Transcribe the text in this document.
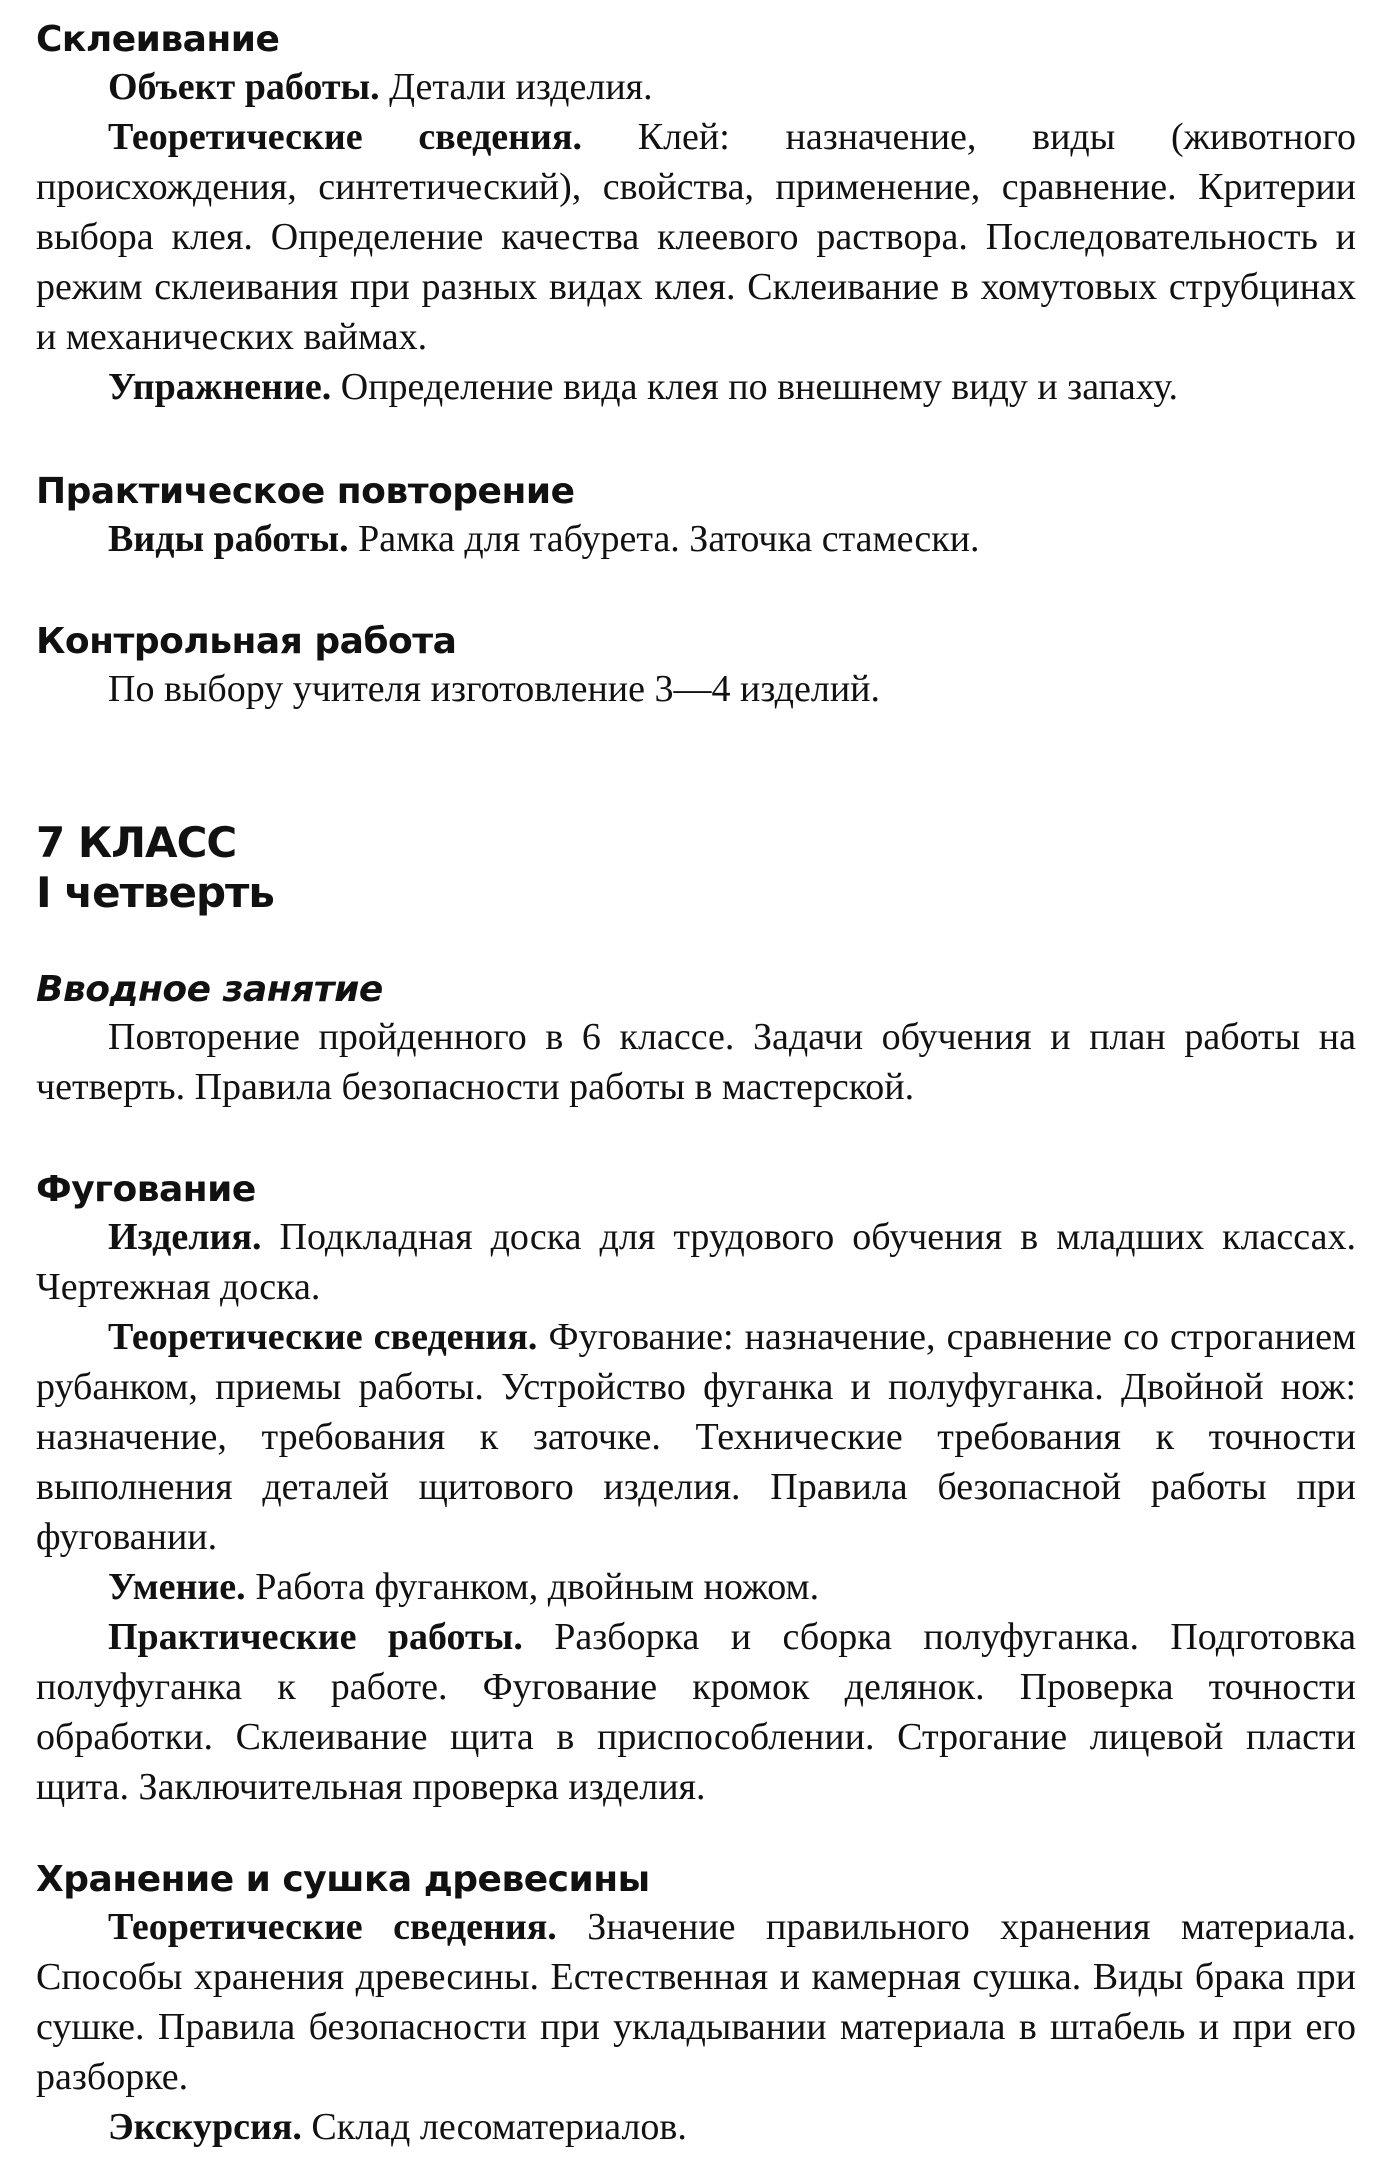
Склеивание

Объект работы. Детали изделия.

Теоретические сведения. Клей: назначение, виды (животного происхождения, синтетический), свойства, применение, сравнение. Критерии выбора клея. Определение качества клеевого раствора. Последовательность и режим склеивания при разных видах клея. Склеивание в хомутовых струбцинах и механических ваймах.

Упражнение. Определение вида клея по внешнему виду и запаху.

Практическое повторение

Виды работы. Рамка для табурета. Заточка стамески.

Контрольная работа

По выбору учителя изготовление 3—4 изделий.

7 КЛАСС
I четверть
Вводное занятие

Повторение пройденного в 6 классе. Задачи обучения и план работы на четверть. Правила безопасности работы в мастерской.

Фугование

Изделия. Подкладная доска для трудового обучения в младших классах. Чертежная доска.

Теоретические сведения. Фугование: назначение, сравнение со строганием рубанком, приемы работы. Устройство фуганка и полуфуганка. Двойной нож: назначение, требования к заточке. Технические требования к точности выполнения деталей щитового изделия. Правила безопасной работы при фуговании.

Умение. Работа фуганком, двойным ножом.

Практические работы. Разборка и сборка полуфуганка. Подготовка полуфуганка к работе. Фугование кромок делянок. Проверка точности обработки. Склеивание щита в приспособлении. Строгание лицевой пласти щита. Заключительная проверка изделия.

Хранение и сушка древесины

Теоретические сведения. Значение правильного хранения материала. Способы хранения древесины. Естественная и камерная сушка. Виды брака при сушке. Правила безопасности при укладывании материала в штабель и при его разборке.

Экскурсия. Склад лесоматериалов.
